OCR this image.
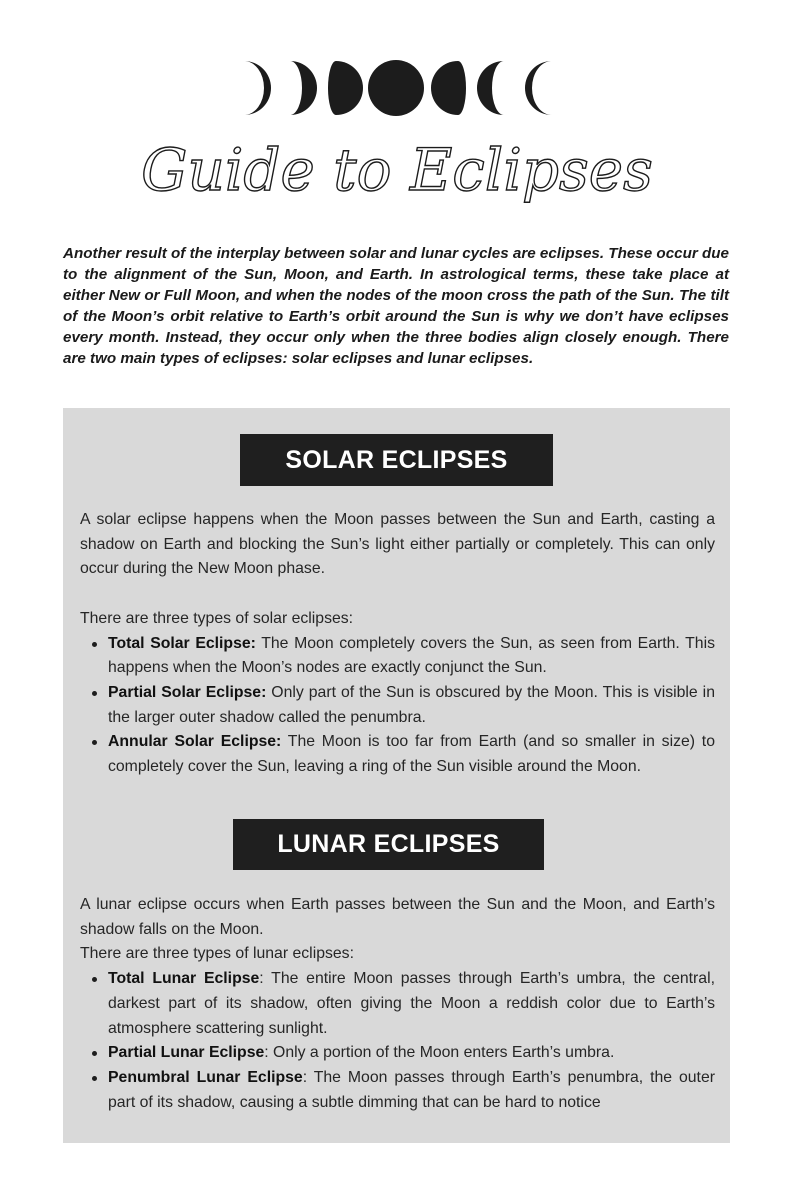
Guide to Eclipses
Another result of the interplay between solar and lunar cycles are eclipses. These occur due to the alignment of the Sun, Moon, and Earth. In astrological terms, these take place at either New or Full Moon, and when the nodes of the moon cross the path of the Sun. The tilt of the Moon’s orbit relative to Earth’s orbit around the Sun is why we don’t have eclipses every month. Instead, they occur only when the three bodies align closely enough. There are two main types of eclipses: solar eclipses and lunar eclipses.
SOLAR ECLIPSES

A solar eclipse happens when the Moon passes between the Sun and Earth, casting a shadow on Earth and blocking the Sun’s light either partially or completely. This can only occur during the New Moon phase.

There are three types of solar eclipses:

Total Solar Eclipse: The Moon completely covers the Sun, as seen from Earth. This happens when the Moon’s nodes are exactly conjunct the Sun.
Partial Solar Eclipse: Only part of the Sun is obscured by the Moon. This is visible in the larger outer shadow called the penumbra.
Annular Solar Eclipse: The Moon is too far from Earth (and so smaller in size) to completely cover the Sun, leaving a ring of the Sun visible around the Moon.
LUNAR ECLIPSES

A lunar eclipse occurs when Earth passes between the Sun and the Moon, and Earth’s shadow falls on the Moon.

There are three types of lunar eclipses:

Total Lunar Eclipse: The entire Moon passes through Earth’s umbra, the central, darkest part of its shadow, often giving the Moon a reddish color due to Earth’s atmosphere scattering sunlight.
Partial Lunar Eclipse: Only a portion of the Moon enters Earth’s umbra.
Penumbral Lunar Eclipse: The Moon passes through Earth’s penumbra, the outer part of its shadow, causing a subtle dimming that can be hard to notice
